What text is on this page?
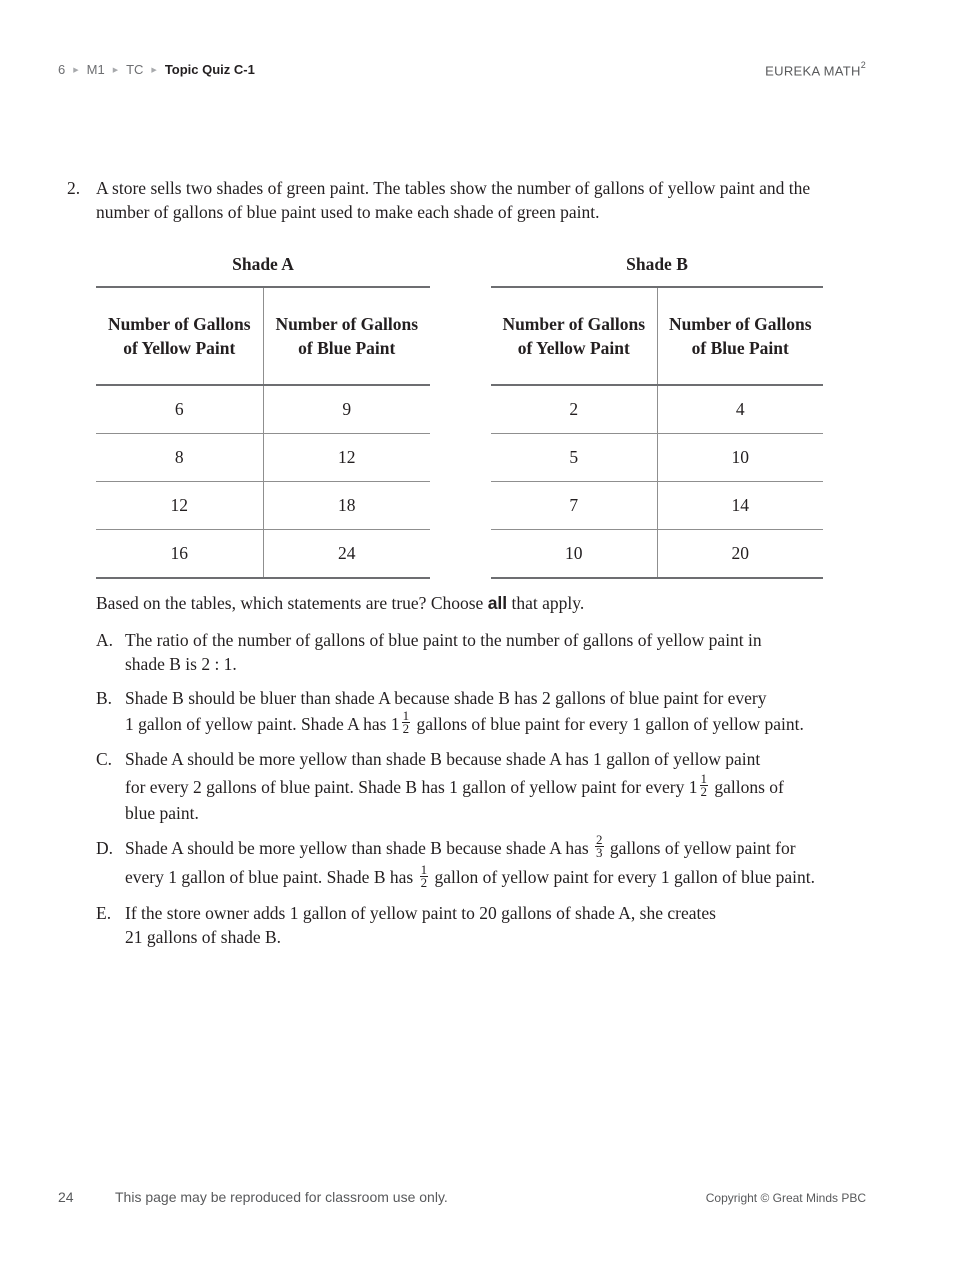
6 ▶ M1 ▶ TC ▶ Topic Quiz C-1	EUREKA MATH$^2$
2. A store sells two shades of green paint. The tables show the number of gallons of yellow paint and the number of gallons of blue paint used to make each shade of green paint.
Shade A
Number of Gallons of Yellow Paint	Number of Gallons of Blue Paint
6	9
8	12
12	18
16	24
Shade B
Number of Gallons of Yellow Paint	Number of Gallons of Blue Paint
2	4
5	10
7	14
10	20
Based on the tables, which statements are true? Choose all that apply.
A. The ratio of the number of gallons of blue paint to the number of gallons of yellow paint in
shade B is 2 : 1.
B. Shade B should be bluer than shade A because shade B has 2 gallons of blue paint for every
1 gallon of yellow paint. Shade A has $1 \frac{1}{2}$ gallons of blue paint for every 1 gallon of yellow paint.
C. Shade A should be more yellow than shade B because shade A has 1 gallon of yellow paint
for every 2 gallons of blue paint. Shade B has 1 gallon of yellow paint for every $1 \frac{1}{2}$ gallons of
blue paint.
D. Shade A should be more yellow than shade B because shade A has $\frac{2}{3}$ gallons of yellow paint for
every 1 gallon of blue paint. Shade B has $\frac{1}{2}$ gallon of yellow paint for every 1 gallon of blue paint.
E. If the store owner adds 1 gallon of yellow paint to 20 gallons of shade A, she creates
21 gallons of shade B.
24	This page may be reproduced for classroom use only.	Copyright © Great Minds PBC
